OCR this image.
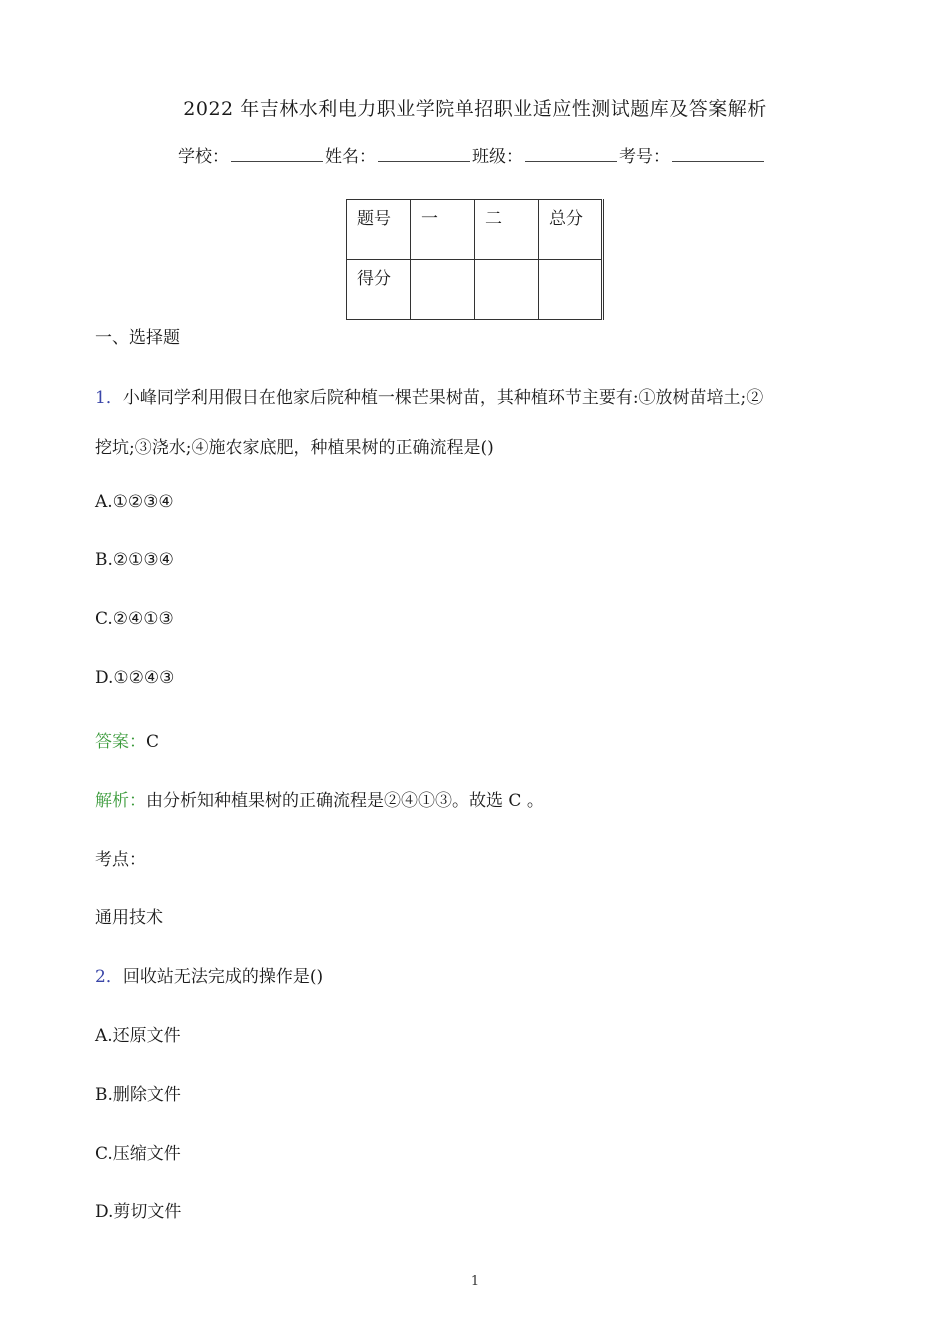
2022 年吉林水利电力职业学院单招职业适应性测试题库及答案解析
学校：	姓名：	班级：	考号：
题号	一	二	总分
得分			
一、选择题
1．小峰同学利用假日在他家后院种植一棵芒果树苗，其种植环节主要有:①放树苗培土;②
挖坑;③浇水;④施农家底肥，种植果树的正确流程是()
A.①②③④
B.②①③④
C.②④①③
D.①②④③
答案：C
解析：由分析知种植果树的正确流程是②④①③。故选 C 。
考点：
通用技术
2．回收站无法完成的操作是()
A.还原文件
B.删除文件
C.压缩文件
D.剪切文件
1
